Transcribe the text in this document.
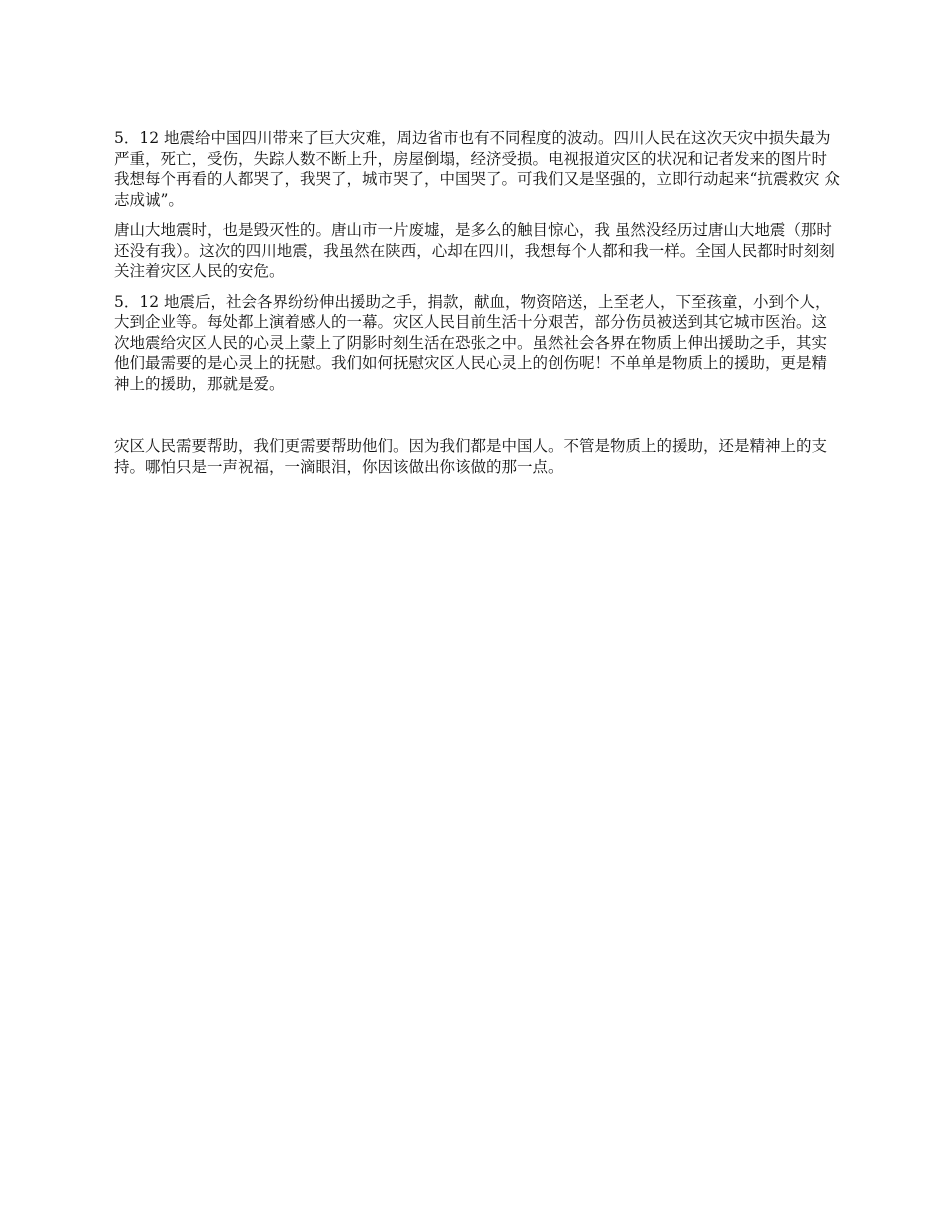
5．12 地震给中国四川带来了巨大灾难，周边省市也有不同程度的波动。四川人民在这次天灾中损失最为严重，死亡，受伤，失踪人数不断上升，房屋倒塌，经济受损。电视报道灾区的状况和记者发来的图片时我想每个再看的人都哭了，我哭了，城市哭了，中国哭了。可我们又是坚强的，立即行动起来“抗震救灾 众志成诚”。

唐山大地震时，也是毁灭性的。唐山市一片废墟，是多么的触目惊心，我 虽然没经历过唐山大地震（那时还没有我）。这次的四川地震，我虽然在陕西，心却在四川，我想每个人都和我一样。全国人民都时时刻刻关注着灾区人民的安危。

5．12 地震后，社会各界纷纷伸出援助之手，捐款，献血，物资陪送，上至老人，下至孩童，小到个人，大到企业等。每处都上演着感人的一幕。灾区人民目前生活十分艰苦，部分伤员被送到其它城市医治。这次地震给灾区人民的心灵上蒙上了阴影时刻生活在恐张之中。虽然社会各界在物质上伸出援助之手，其实他们最需要的是心灵上的抚慰。我们如何抚慰灾区人民心灵上的创伤呢！不单单是物质上的援助，更是精神上的援助，那就是爱。

灾区人民需要帮助，我们更需要帮助他们。因为我们都是中国人。不管是物质上的援助，还是精神上的支持。哪怕只是一声祝福，一滴眼泪，你因该做出你该做的那一点。
